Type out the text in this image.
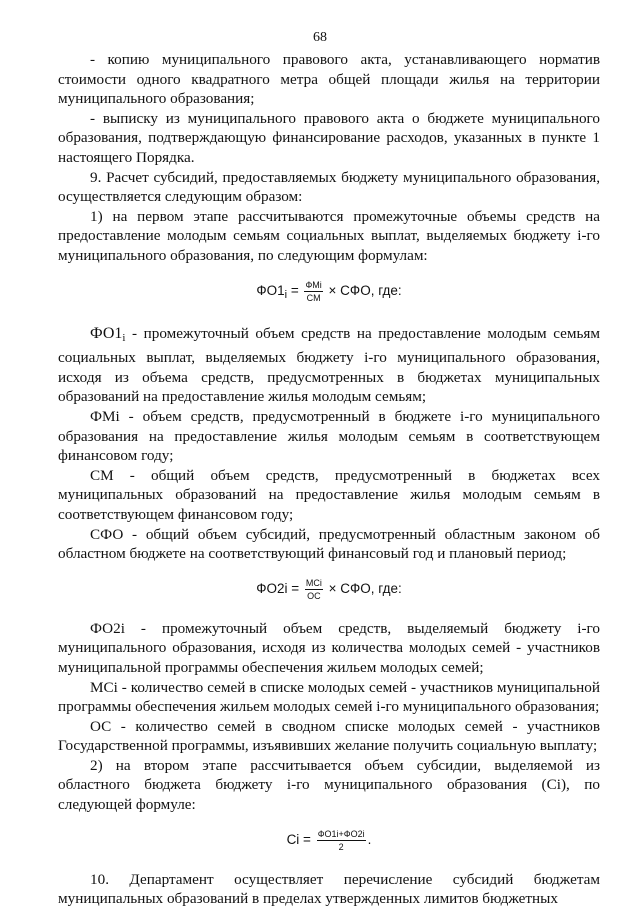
68

- копию муниципального правового акта, устанавливающего норматив стоимости одного квадратного метра общей площади жилья на территории муниципального образования;

- выписку из муниципального правового акта о бюджете муниципального образования, подтверждающую финансирование расходов, указанных в пункте 1 настоящего Порядка.

9. Расчет субсидий, предоставляемых бюджету муниципального образования, осуществляется следующим образом:

1) на первом этапе рассчитываются промежуточные объемы средств на предоставление молодым семьям социальных выплат, выделяемых бюджету i-го муниципального образования, по следующим формулам:

$ФО1_i = \frac{\text{ФМi}}{СМ}$ × СФО, где:

$ФО1_i$ - промежуточный объем средств на предоставление молодым семьям социальных выплат, выделяемых бюджету i-го муниципального образования, исходя из объема средств, предусмотренных в бюджетах муниципальных образований на предоставление жилья молодым семьям;

ФМi - объем средств, предусмотренный в бюджете i-го муниципального образования на предоставление жилья молодым семьям в соответствующем финансовом году;

СМ - общий объем средств, предусмотренный в бюджетах всех муниципальных образований на предоставление жилья молодым семьям в соответствующем финансовом году;

СФО - общий объем субсидий, предусмотренный областным законом об областном бюджете на соответствующий финансовый год и плановый период;

$ФО2i = \frac{\text{МСi}}{ОС}$ × СФО, где:

ФО2i - промежуточный объем средств, выделяемый бюджету i-го муниципального образования, исходя из количества молодых семей - участников муниципальной программы обеспечения жильем молодых семей;

МСi - количество семей в списке молодых семей - участников муниципальной программы обеспечения жильем молодых семей i-го муниципального образования;

ОС - количество семей в сводном списке молодых семей - участников Государственной программы, изъявивших желание получить социальную выплату;

2) на втором этапе рассчитывается объем субсидии, выделяемой из областного бюджета бюджету i-го муниципального образования (Сi), по следующей формуле:

Сi = $\frac{ФО1i+ФО2i}{2}$ .

10. Департамент осуществляет перечисление субсидий бюджетам муниципальных образований в пределах утвержденных лимитов бюджетных
